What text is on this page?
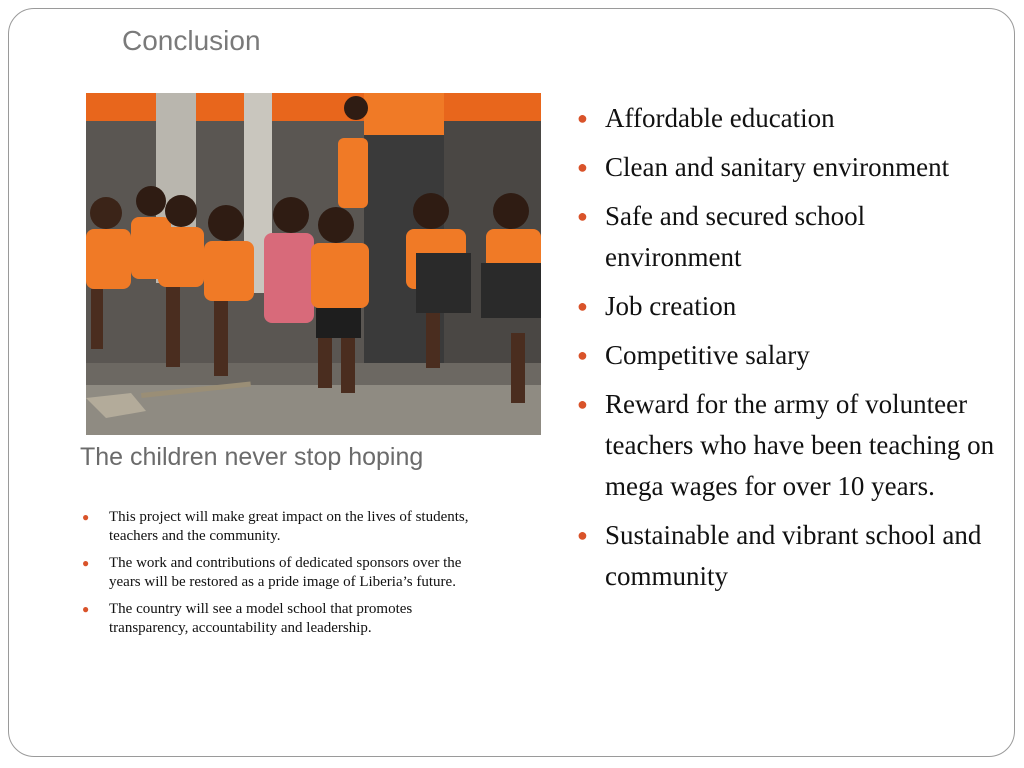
Conclusion
The children never stop hoping
● This project will make great impact on the lives of students, teachers and the community.
● The work and contributions of dedicated sponsors over the years will be restored as a pride image of Liberia’s future.
● The country will see a model school that promotes transparency, accountability and leadership.
● Affordable education
● Clean and sanitary environment
● Safe and secured school environment
● Job creation
● Competitive salary
● Reward for the army of volunteer teachers who have been teaching on mega wages for over 10 years.
● Sustainable and vibrant school and community
